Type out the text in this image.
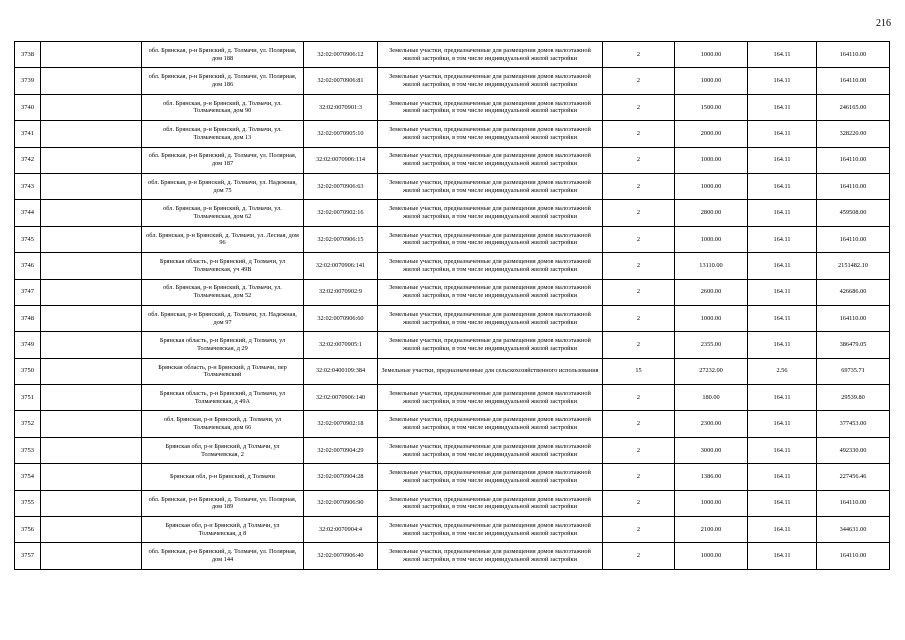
216
3738		обл. Брянская, р-н Брянский, д. Толмачи, ул. Полярная, дом 188	32:02:0070906:12	Земельные участки, предназначенные для размещения домов малоэтажной жилой застройки, в том числе индивидуальной жилой застройки	2	1000.00	164.11	164110.00
3739		обл. Брянская, р-н Брянский, д. Толмачи, ул. Полярная, дом 186	32:02:0070906:81	Земельные участки, предназначенные для размещения домов малоэтажной жилой застройки, в том числе индивидуальной жилой застройки	2	1000.00	164.11	164110.00
3740		обл. Брянская, р-н Брянский, д. Толмачи, ул. Толмачевская, дом 90	32:02:0070901:3	Земельные участки, предназначенные для размещения домов малоэтажной жилой застройки, в том числе индивидуальной жилой застройки	2	1500.00	164.11	246165.00
3741		обл. Брянская, р-н Брянский, д. Толмачи, ул. Толмачевская, дом 13	32:02:0070905:10	Земельные участки, предназначенные для размещения домов малоэтажной жилой застройки, в том числе индивидуальной жилой застройки	2	2000.00	164.11	328220.00
3742		обл. Брянская, р-н Брянский, д. Толмачи, ул. Полярная, дом 187	32:02:0070906:114	Земельные участки, предназначенные для размещения домов малоэтажной жилой застройки, в том числе индивидуальной жилой застройки	2	1000.00	164.11	164110.00
3743		обл. Брянская, р-н Брянский, д. Толмачи, ул. Надежная, дом 75	32:02:0070906:63	Земельные участки, предназначенные для размещения домов малоэтажной жилой застройки, в том числе индивидуальной жилой застройки	2	1000.00	164.11	164110.00
3744		обл. Брянская, р-н Брянский, д. Толмачи, ул. Толмачевская, дом 62	32:02:0070902:16	Земельные участки, предназначенные для размещения домов малоэтажной жилой застройки, в том числе индивидуальной жилой застройки	2	2800.00	164.11	459508.00
3745		обл. Брянская, р-н Брянский, д. Толмачи, ул. Лесная, дом 96	32:02:0070906:15	Земельные участки, предназначенные для размещения домов малоэтажной жилой застройки, в том числе индивидуальной жилой застройки	2	1000.00	164.11	164110.00
3746		Брянская область, р-н Брянский, д Толмачи, ул Толмачевская, уч 49В	32:02:0070906:141	Земельные участки, предназначенные для размещения домов малоэтажной жилой застройки, в том числе индивидуальной жилой застройки	2	13110.00	164.11	2151482.10
3747		обл. Брянская, р-н Брянский, д. Толмачи, ул. Толмачевская, дом 52	32:02:0070902:9	Земельные участки, предназначенные для размещения домов малоэтажной жилой застройки, в том числе индивидуальной жилой застройки	2	2600.00	164.11	426686.00
3748		обл. Брянская, р-н Брянский, д. Толмачи, ул. Надежная, дом 97	32:02:0070906:60	Земельные участки, предназначенные для размещения домов малоэтажной жилой застройки, в том числе индивидуальной жилой застройки	2	1000.00	164.11	164110.00
3749		Брянская область, р-н Брянский, д Толмачи, ул Толмачевская, д 29	32:02:0070905:1	Земельные участки, предназначенные для размещения домов малоэтажной жилой застройки, в том числе индивидуальной жилой застройки	2	2355.00	164.11	386479.05
3750		Брянская область, р-н Брянский, д Толмачи, пер Толмачевский	32:02:0400109:384	Земельные участки, предназначенные для сельскохозяйственного использования	15	27232.00	2.56	69735.71
3751		Брянская область, р-н Брянский, д Толмачи, ул Толмачевская, д 49А	32:02:0070906:140	Земельные участки, предназначенные для размещения домов малоэтажной жилой застройки, в том числе индивидуальной жилой застройки	2	180.00	164.11	29539.80
3752		обл. Брянская, р-н Брянский, д. Толмачи, ул Толмачевская, дом 66	32:02:0070902:18	Земельные участки, предназначенные для размещения домов малоэтажной жилой застройки, в том числе индивидуальной жилой застройки	2	2300.00	164.11	377453.00
3753		Брянская обл, р-н Брянский, д Толмачи, ул Толмачевская, 2	32:02:0070904:29	Земельные участки, предназначенные для размещения домов малоэтажной жилой застройки, в том числе индивидуальной жилой застройки	2	3000.00	164.11	492330.00
3754		Брянская обл, р-н Брянский, д Толмачи	32:02:0070904:28	Земельные участки, предназначенные для размещения домов малоэтажной жилой застройки, в том числе индивидуальной жилой застройки	2	1386.00	164.11	227456.46
3755		обл. Брянская, р-н Брянский, д. Толмачи, ул. Полярная, дом 189	32:02:0070906:90	Земельные участки, предназначенные для размещения домов малоэтажной жилой застройки, в том числе индивидуальной жилой застройки	2	1000.00	164.11	164110.00
3756		Брянская обл, р-н Брянский, д Толмачи, ул Толмачевская, д 8	32:02:0070904:4	Земельные участки, предназначенные для размещения домов малоэтажной жилой застройки, в том числе индивидуальной жилой застройки	2	2100.00	164.11	344631.00
3757		обл. Брянская, р-н Брянский, д. Толмачи, ул. Полярная, дом 144	32:02:0070906:40	Земельные участки, предназначенные для размещения домов малоэтажной жилой застройки, в том числе индивидуальной жилой застройки	2	1000.00	164.11	164110.00
